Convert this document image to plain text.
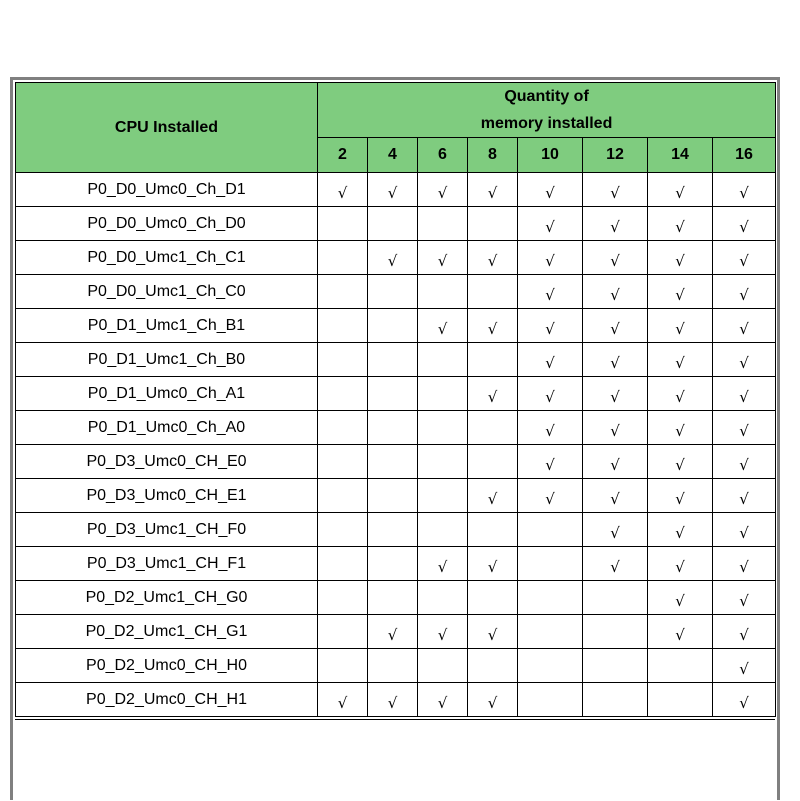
CPU Installed	Quantity of
memory installed							

	2	4	6	8	10	12	14	16
P0_D0_Umc0_Ch_D1	√	√	√	√	√	√	√	√
P0_D0_Umc0_Ch_D0					√	√	√	√
P0_D0_Umc1_Ch_C1		√	√	√	√	√	√	√
P0_D0_Umc1_Ch_C0					√	√	√	√
P0_D1_Umc1_Ch_B1			√	√	√	√	√	√
P0_D1_Umc1_Ch_B0					√	√	√	√
P0_D1_Umc0_Ch_A1				√	√	√	√	√
P0_D1_Umc0_Ch_A0					√	√	√	√
P0_D3_Umc0_CH_E0					√	√	√	√
P0_D3_Umc0_CH_E1				√	√	√	√	√
P0_D3_Umc1_CH_F0						√	√	√
P0_D3_Umc1_CH_F1			√	√		√	√	√
P0_D2_Umc1_CH_G0							√	√
P0_D2_Umc1_CH_G1		√	√	√			√	√
P0_D2_Umc0_CH_H0								√
P0_D2_Umc0_CH_H1	√	√	√	√				√
